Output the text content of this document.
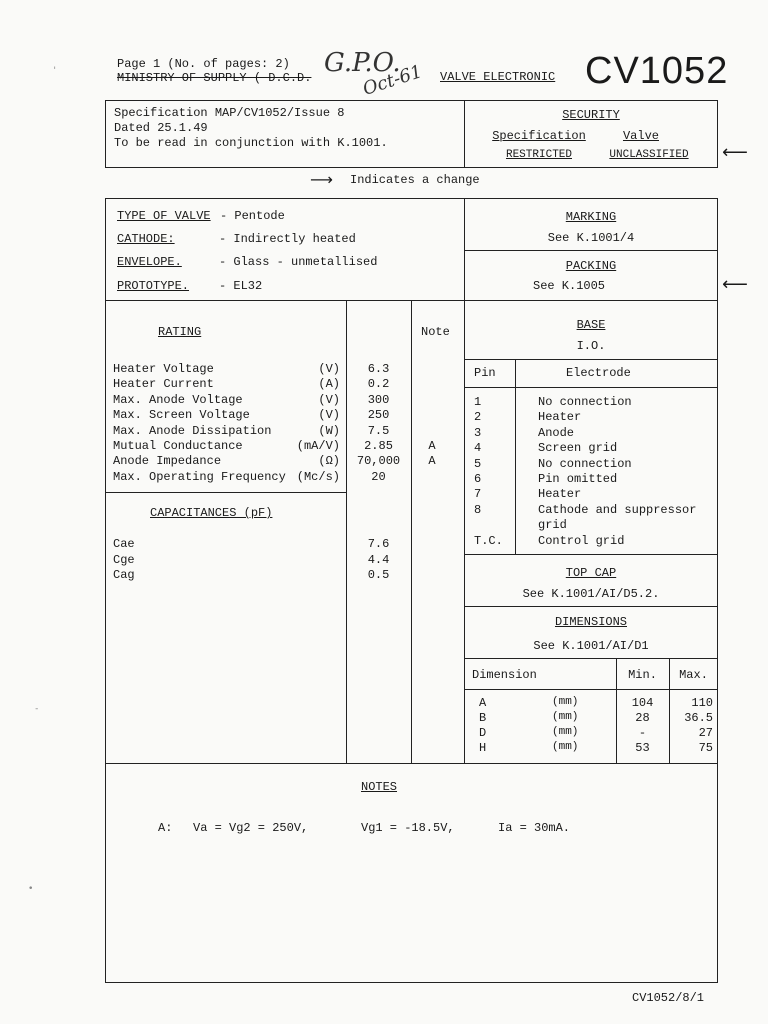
Page 1 (No. of pages: 2)
MINISTRY OF SUPPLY ( D.C.D. G.P.O.
Oct-61 VALVE ELECTRONIC CV1052
Specification MAP/CV1052/Issue 8
Dated 25.1.49
To be read in conjunction with K.1001.
SECURITY
Specification	Valve
RESTRICTED	UNCLASSIFIED	⟵
⟶ Indicates a change
TYPE OF VALVE - Pentode
CATHODE:	- Indirectly heated
ENVELOPE.	- Glass - unmetallised
PROTOTYPE. - EL32
MARKING
See K.1001/4
PACKING
See K.1005	⟵
RATING	Note
Heater Voltage	(V)	6.3
Heater Current	(A)	0.2
Max. Anode Voltage	(V)	300
Max. Screen Voltage	(V)	250
Max. Anode Dissipation	(W)	7.5
Mutual Conductance	(mA/V)	2.85	A
Anode Impedance	(Ω)	70,000	A
Max. Operating Frequency (Mc/s)	20
CAPACITANCES (pF)
Cae	7.6
Cge	4.4
Cag	0.5
BASE
I.O.
Pin	Electrode
1	No connection
2	Heater
3	Anode
4	Screen grid
5	No connection
6	Pin omitted
7	Heater
8	Cathode and suppressor
grid
T.C.	Control grid
TOP CAP
See K.1001/AI/D5.2.
DIMENSIONS
See K.1001/AI/D1
Dimension	Min.	Max.
A	(mm)	104	110
B	(mm)	28	36.5
D	(mm)	-	27
H	(mm)	53	75
NOTES
A: Va = Vg2 = 250V,	Vg1 = -18.5V,	Ia = 30mA.
CV1052/8/1
'
•
‐
